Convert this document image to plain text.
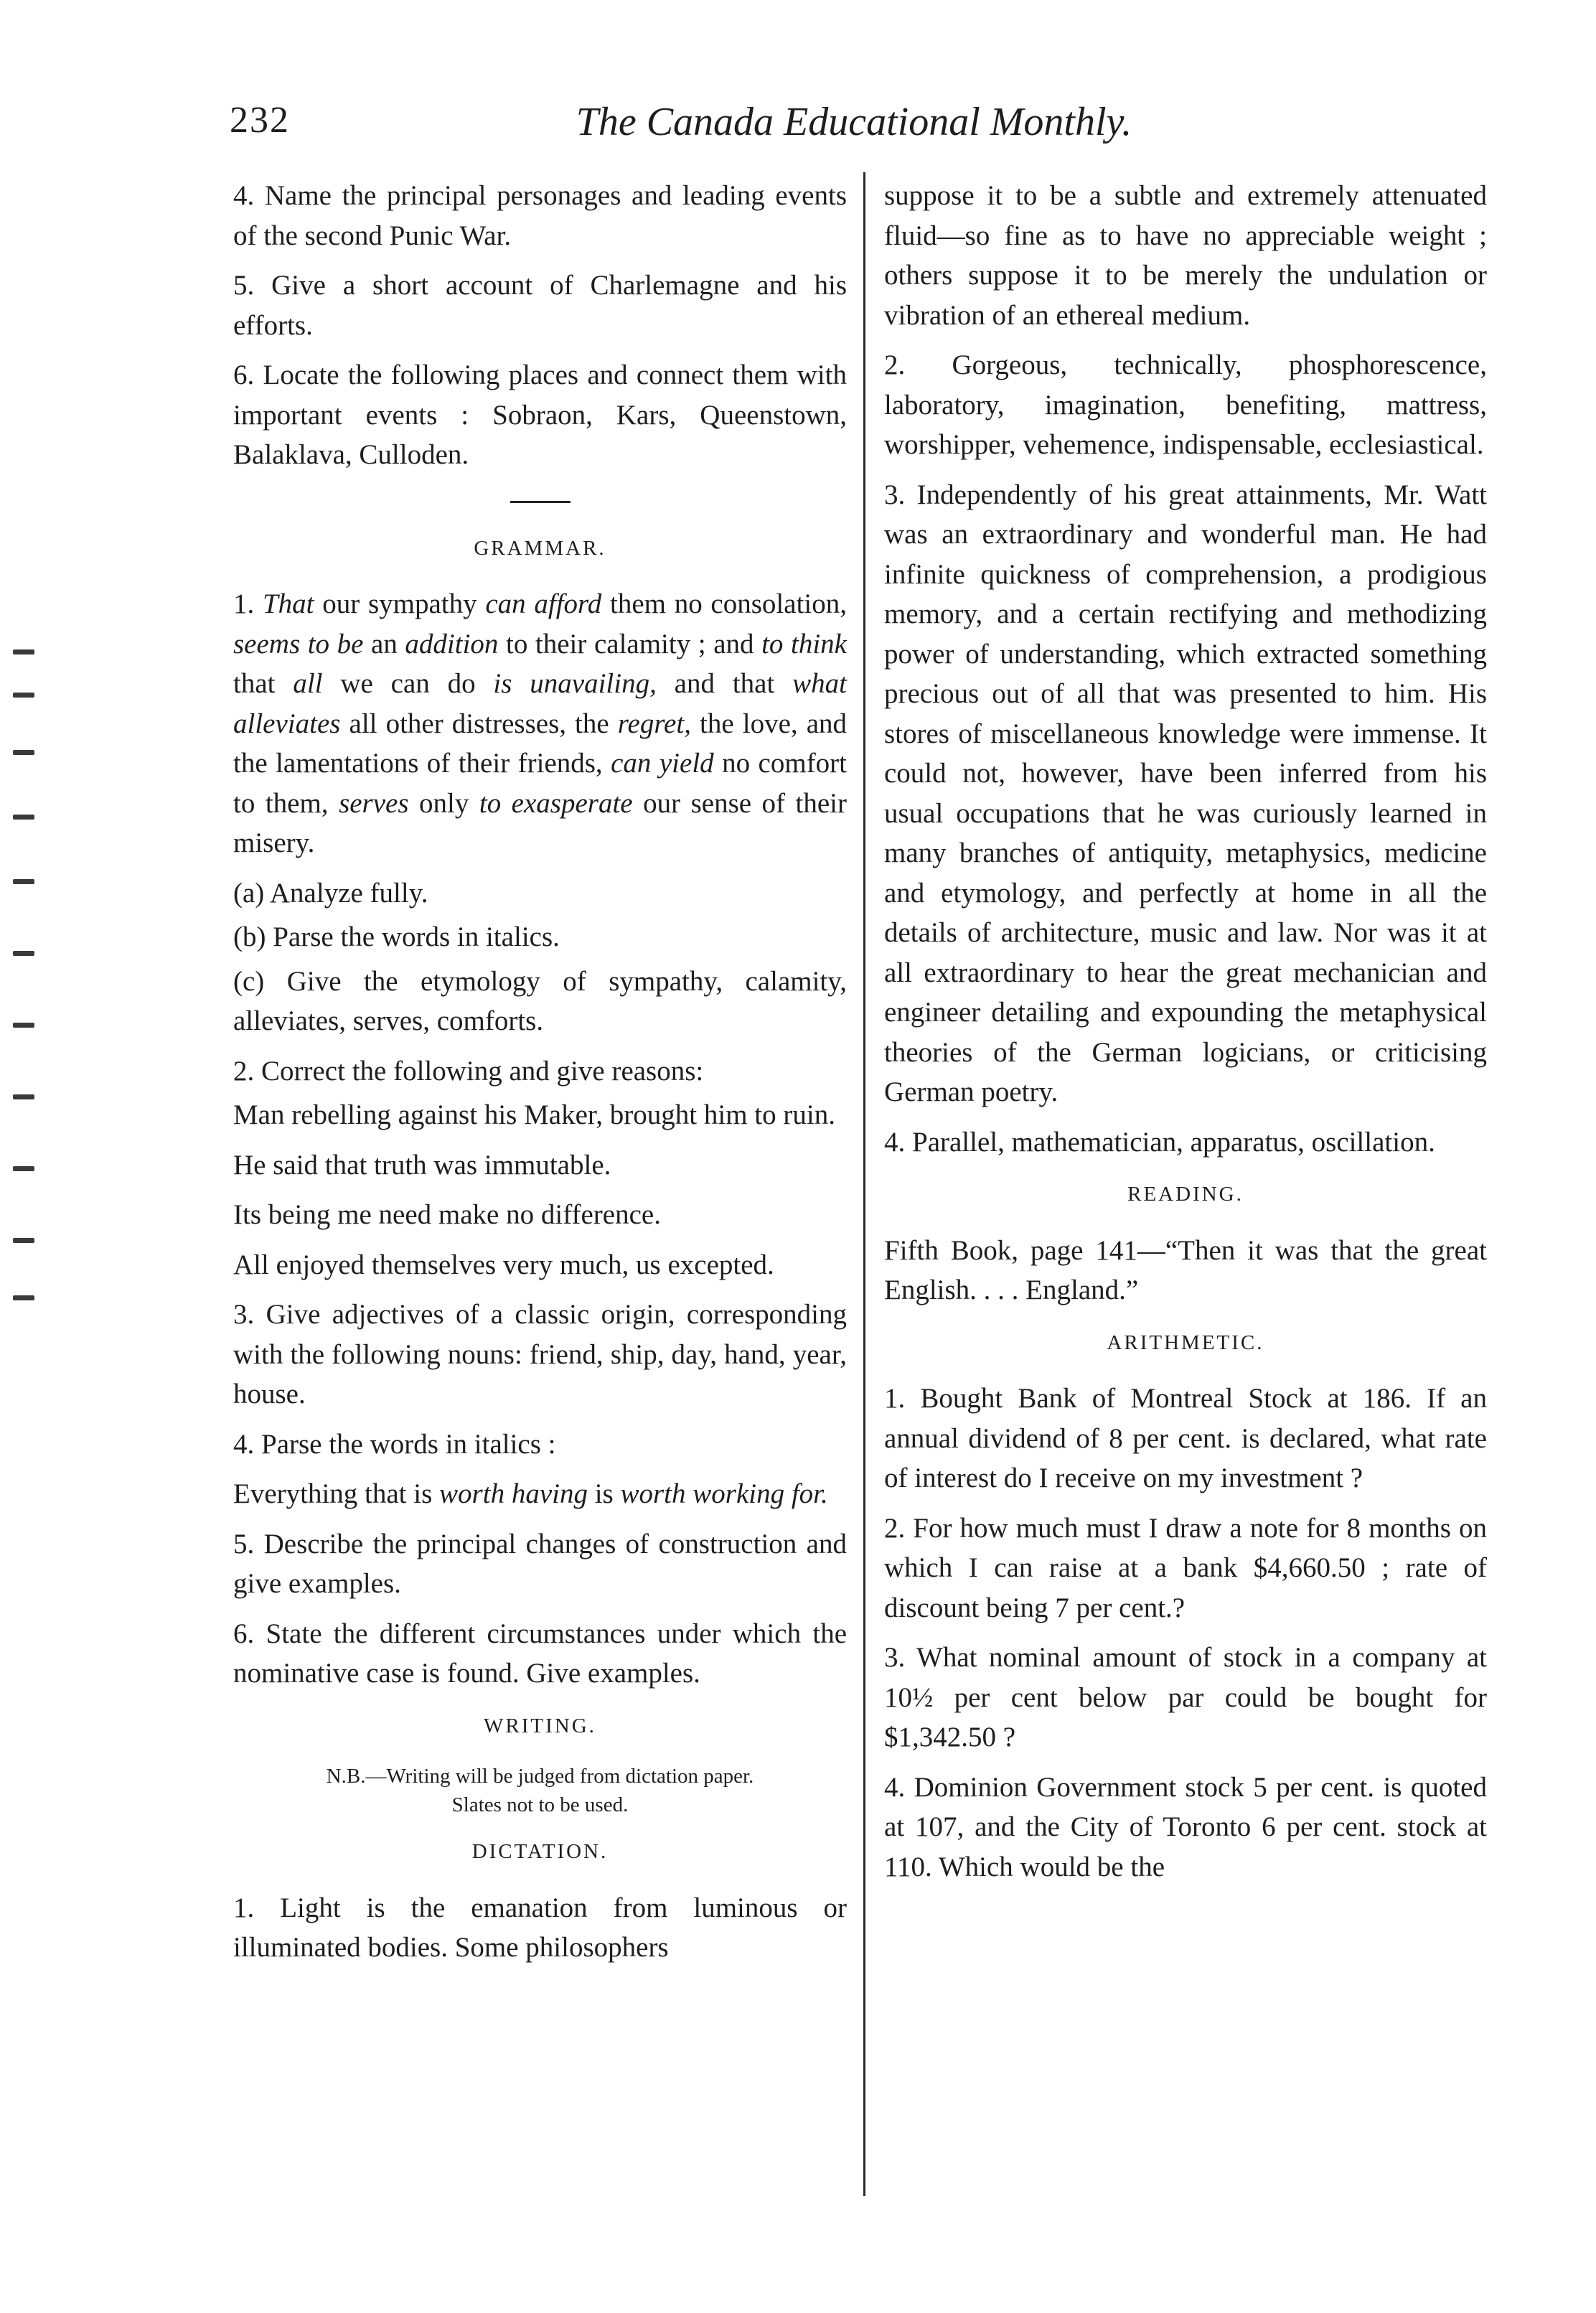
The Canada Educational Monthly.
232

4. Name the principal personages and leading events of the second Punic War.

5. Give a short account of Charlemagne and his efforts.

6. Locate the following places and connect them with important events : Sobraon, Kars, Queenstown, Balaklava, Culloden.

GRAMMAR.

1. That our sympathy can afford them no consolation, seems to be an addition to their calamity ; and to think that all we can do is unavailing, and that what alleviates all other distresses, the regret, the love, and the lamentations of their friends, can yield no comfort to them, serves only to exasperate our sense of their misery.

(a) Analyze fully.

(b) Parse the words in italics.

(c) Give the etymology of sympathy, calamity, alleviates, serves, comforts.

2. Correct the following and give reasons:

Man rebelling against his Maker, brought him to ruin.

He said that truth was immutable.

Its being me need make no difference.

All enjoyed themselves very much, us excepted.

3. Give adjectives of a classic origin, corresponding with the following nouns: friend, ship, day, hand, year, house.

4. Parse the words in italics :

Everything that is worth having is worth working for.

5. Describe the principal changes of construction and give examples.

6. State the different circumstances under which the nominative case is found. Give examples.

WRITING.
N.B.—Writing will be judged from dictation paper.
Slates not to be used.
DICTATION.

1. Light is the emanation from luminous or illuminated bodies. Some philosophers

suppose it to be a subtle and extremely attenuated fluid—so fine as to have no appreciable weight ; others suppose it to be merely the undulation or vibration of an ethereal medium.

2. Gorgeous, technically, phosphorescence, laboratory, imagination, benefiting, mattress, worshipper, vehemence, indispensable, ecclesiastical.

3. Independently of his great attainments, Mr. Watt was an extraordinary and wonderful man. He had infinite quickness of comprehension, a prodigious memory, and a certain rectifying and methodizing power of understanding, which extracted something precious out of all that was presented to him. His stores of miscellaneous knowledge were immense. It could not, however, have been inferred from his usual occupations that he was curiously learned in many branches of antiquity, metaphysics, medicine and etymology, and perfectly at home in all the details of architecture, music and law. Nor was it at all extraordinary to hear the great mechanician and engineer detailing and expounding the metaphysical theories of the German logicians, or criticising German poetry.

4. Parallel, mathematician, apparatus, oscillation.

READING.

Fifth Book, page 141—“Then it was that the great English. . . . England.”

ARITHMETIC.

1. Bought Bank of Montreal Stock at 186. If an annual dividend of 8 per cent. is declared, what rate of interest do I receive on my investment ?

2. For how much must I draw a note for 8 months on which I can raise at a bank $4,660.50 ; rate of discount being 7 per cent.?

3. What nominal amount of stock in a company at 10½ per cent below par could be bought for $1,342.50 ?

4. Dominion Government stock 5 per cent. is quoted at 107, and the City of Toronto 6 per cent. stock at 110. Which would be the
